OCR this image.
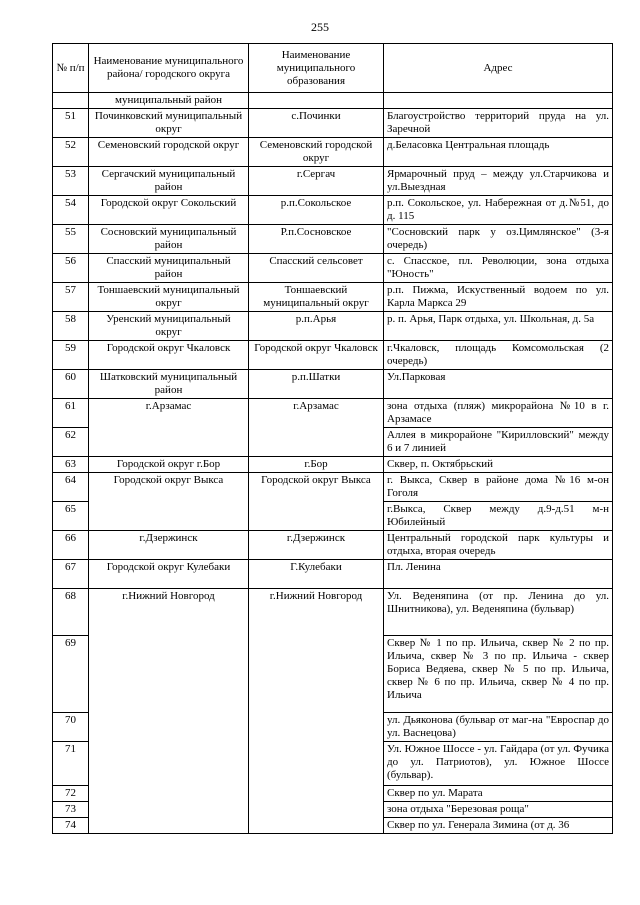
255
№ п/п	Наименование муниципального района/ городского округа	Наименование муниципального образования	Адрес
	муниципальный район		
51	Починковский муниципальный округ	с.Починки	Благоустройство территорий пруда на ул. Заречной
52	Семеновский городской округ	Семеновский городской округ	д.Беласовка Центральная площадь
53	Сергачский муниципальный район	г.Сергач	Ярмарочный пруд – между ул.Старчикова и ул.Выездная
54	Городской округ Сокольский	р.п.Сокольское	р.п. Сокольское, ул. Набережная от д.№51, до д. 115
55	Сосновский муниципальный район	Р.п.Сосновское	"Сосновский парк у оз.Цимлянское" (3-я очередь)
56	Спасский муниципальный район	Спасский сельсовет	с. Спасское, пл. Революции, зона отдыха "Юность"
57	Тоншаевский муниципальный округ	Тоншаевский муниципальный округ	р.п. Пижма, Искуственный водоем по ул. Карла Маркса 29
58	Уренский муниципальный округ	р.п.Арья	р. п. Арья, Парк отдыха, ул. Школьная, д. 5а
59	Городской округ Чкаловск	Городской округ Чкаловск	г.Чкаловск, площадь Комсомольская (2 очередь)
60	Шатковский муниципальный район	р.п.Шатки	Ул.Парковая
61	г.Арзамас	г.Арзамас	зона отдыха (пляж) микрорайона №10 в г. Арзамасе
62			Аллея в микрорайоне "Кирилловский" между 6 и 7 линией
63	Городской округ г.Бор	г.Бор	Сквер, п. Октябрьский
64	Городской округ Выкса	Городской округ Выкса	г. Выкса, Сквер в районе дома №16 м-он Гоголя
65			г.Выкса, Сквер между д.9-д.51 м-н Юбилейный
66	г.Дзержинск	г.Дзержинск	Центральный городской парк культуры и отдыха, вторая очередь
67	Городской округ Кулебаки	Г.Кулебаки	Пл. Ленина
68	г.Нижний Новгород	г.Нижний Новгород	Ул. Веденяпина (от пр. Ленина до ул. Шнитникова), ул. Веденяпина (бульвар)
69			Сквер № 1 по пр. Ильича, сквер № 2 по пр. Ильича, сквер № 3 по пр. Ильича - сквер Бориса Ведяева, сквер № 5 по пр. Ильича, сквер № 6 по пр. Ильича, сквер № 4 по пр. Ильича
70			ул. Дьяконова (бульвар от маг-на "Евроспар до ул. Васнецова)
71			Ул. Южное Шоссе - ул. Гайдара (от ул. Фучика до ул. Патриотов), ул. Южное Шоссе (бульвар).
72			Сквер по ул. Марата
73			зона отдыха "Березовая роща"
74			Сквер по ул. Генерала Зимина (от д. 36
